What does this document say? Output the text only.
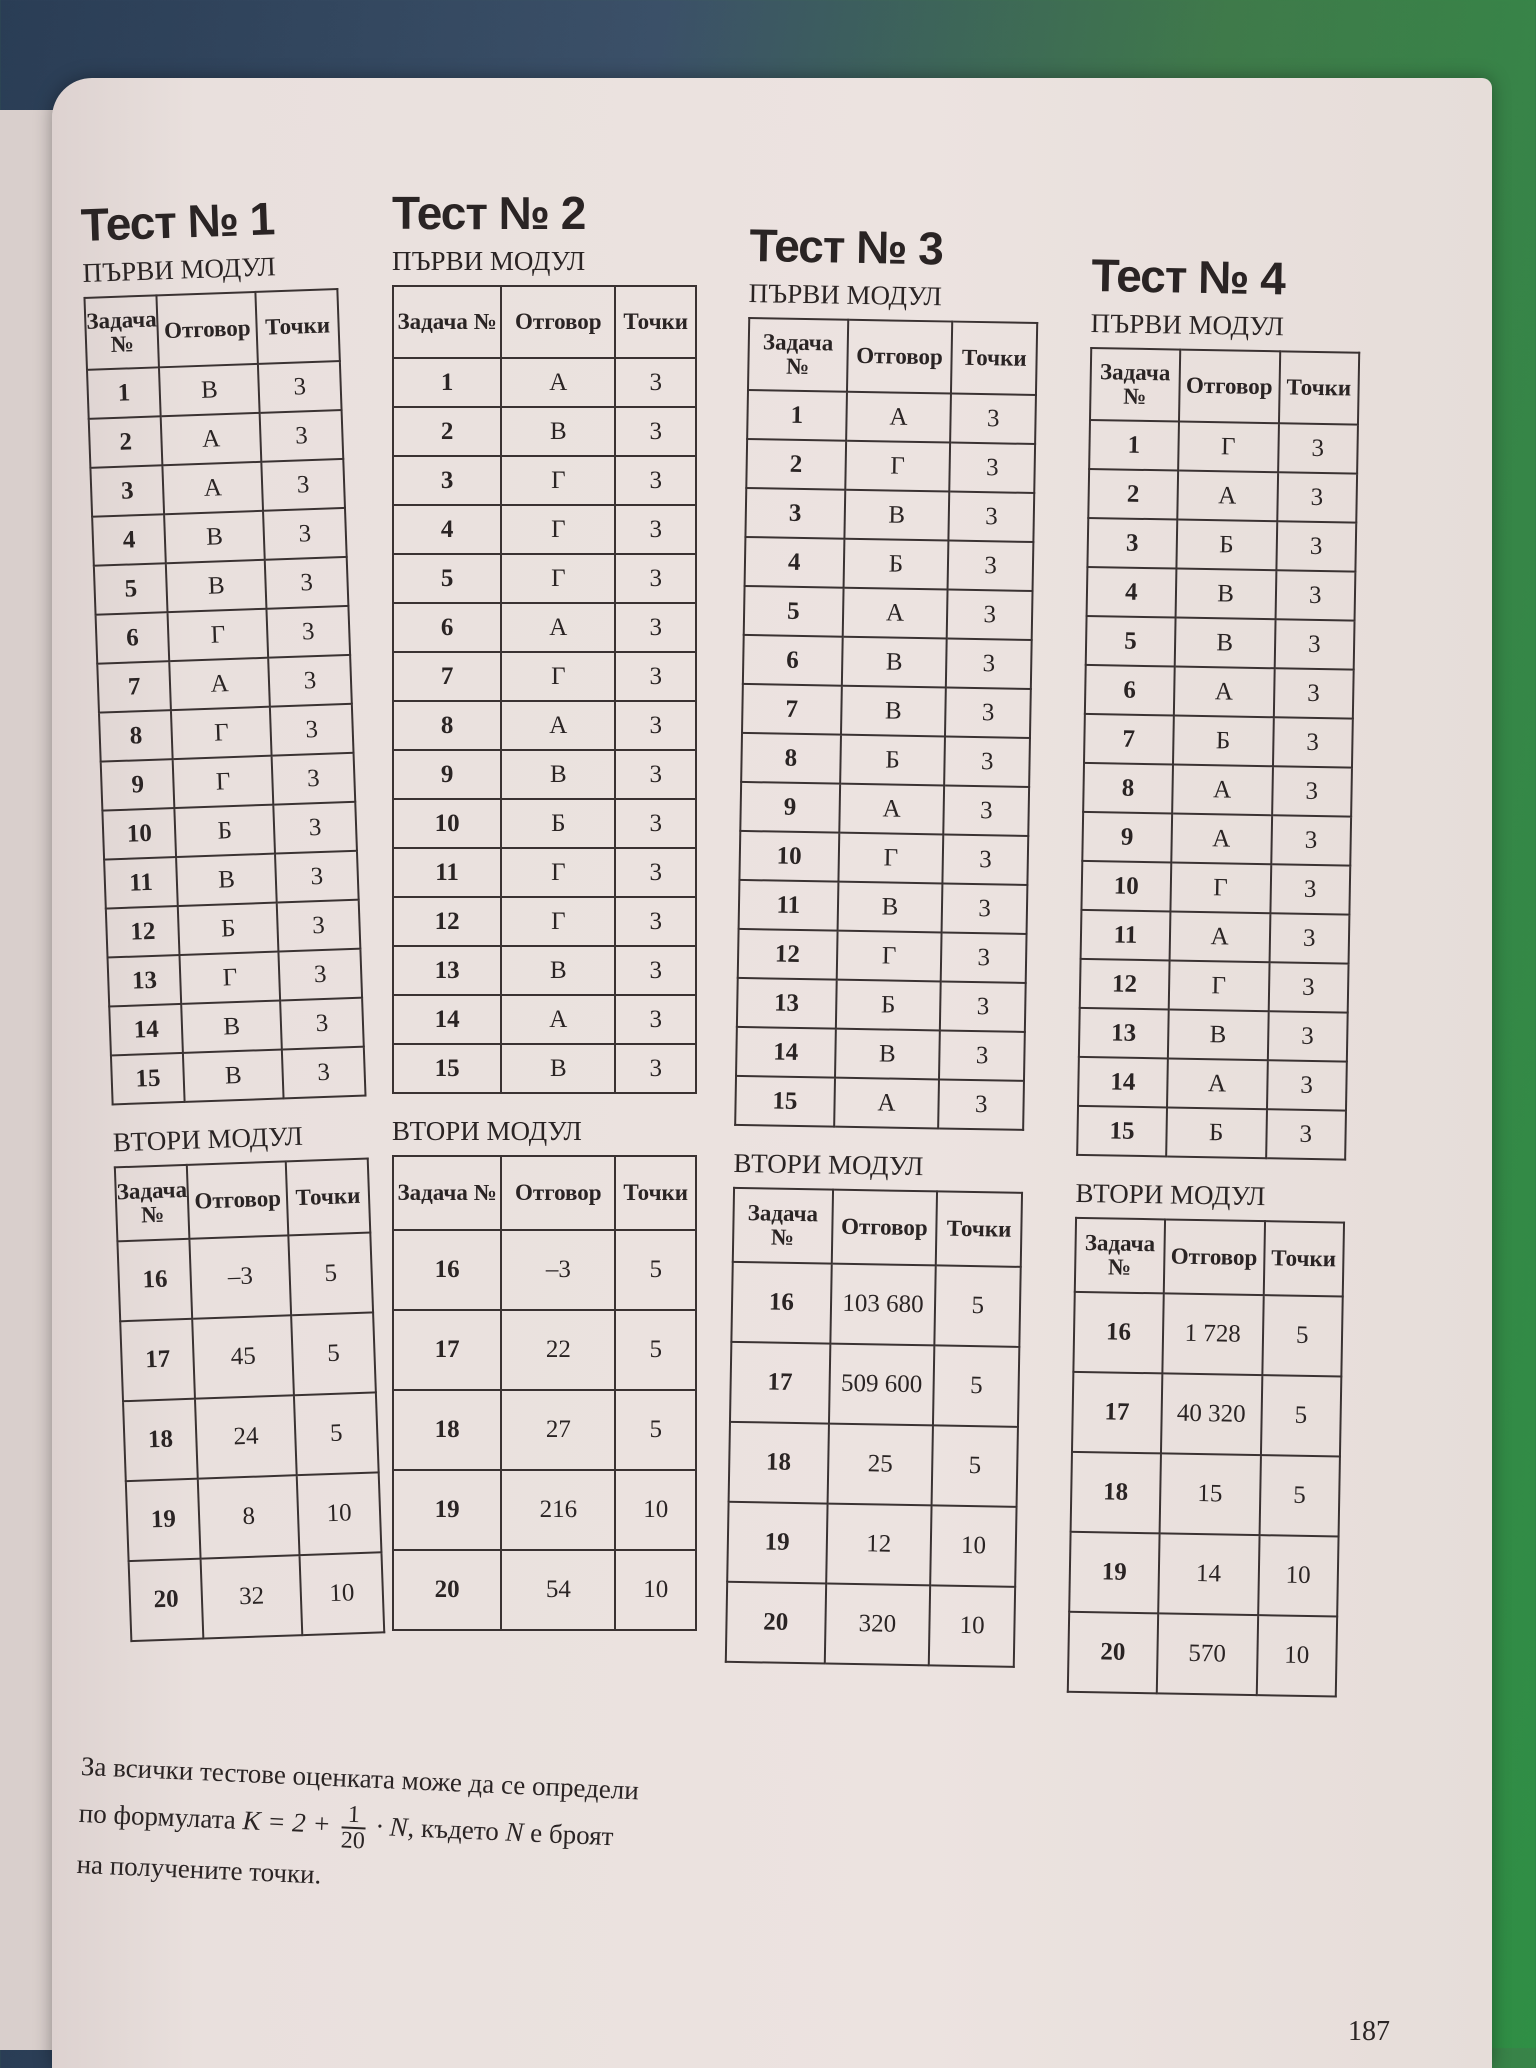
Тест № 1
ПЪРВИ МОДУЛ
Задача №	Отговор	Точки
1	В	3
2	А	3
3	А	3
4	В	3
5	В	3
6	Г	3
7	А	3
8	Г	3
9	Г	3
10	Б	3
11	В	3
12	Б	3
13	Г	3
14	В	3
15	В	3
ВТОРИ МОДУЛ
Задача №	Отговор	Точки
16	–3	5
17	45	5
18	24	5
19	8	10
20	32	10
Тест № 2
ПЪРВИ МОДУЛ
Задача №	Отговор	Точки
1	А	3
2	В	3
3	Г	3
4	Г	3
5	Г	3
6	А	3
7	Г	3
8	А	3
9	В	3
10	Б	3
11	Г	3
12	Г	3
13	В	3
14	А	3
15	В	3
ВТОРИ МОДУЛ
Задача №	Отговор	Точки
16	–3	5
17	22	5
18	27	5
19	216	10
20	54	10
Тест № 3
ПЪРВИ МОДУЛ
Задача №	Отговор	Точки
1	А	3
2	Г	3
3	В	3
4	Б	3
5	А	3
6	В	3
7	В	3
8	Б	3
9	А	3
10	Г	3
11	В	3
12	Г	3
13	Б	3
14	В	3
15	А	3
ВТОРИ МОДУЛ
Задача №	Отговор	Точки
16	103 680	5
17	509 600	5
18	25	5
19	12	10
20	320	10
Тест № 4
ПЪРВИ МОДУЛ
Задача №	Отговор	Точки
1	Г	3
2	А	3
3	Б	3
4	В	3
5	В	3
6	А	3
7	Б	3
8	А	3
9	А	3
10	Г	3
11	А	3
12	Г	3
13	В	3
14	А	3
15	Б	3
ВТОРИ МОДУЛ
Задача №	Отговор	Точки
16	1 728	5
17	40 320	5
18	15	5
19	14	10
20	570	10
За всички тестове оценката може да се определи
по формулата $K = 2 + \frac{1}{20} \cdot N$, където N е броят
на получените точки.
187
